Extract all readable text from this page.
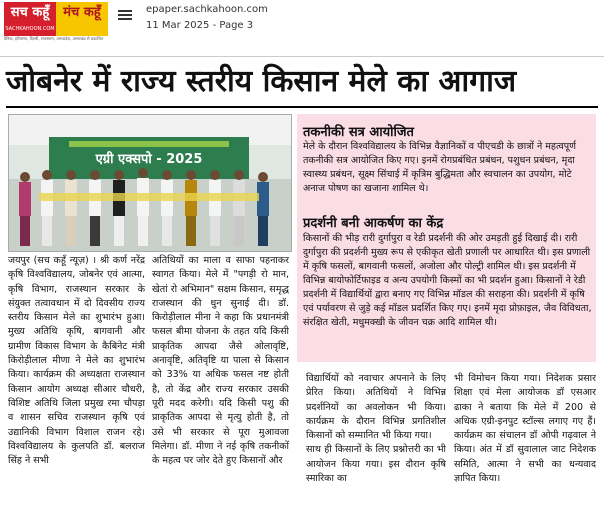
सच कहूँ	मंच कहूँ
SACHKAHOON.COM
दैनिक, हरियाणा, दिल्ली, राजस्थान, उत्तरप्रदेश, उत्तराखंड से प्रकाशित
epaper.sachkahoon.com
11 Mar 2025 - Page 3
जोबनेर में राज्य स्तरीय किसान मेले का आगाज
एग्री एक्सपो - 2025
तकनीकी सत्र आयोजित
मेले के दौरान विश्वविद्यालय के विभिन्न वैज्ञानिकों व पीएचडी के छात्रों ने महत्वपूर्ण तकनीकी सत्र आयोजित किए गए। इनमें रोगप्रबंधित प्रबंधन, पशुधन प्रबंधन, मृदा स्वास्थ्य प्रबंधन, सूक्ष्म सिंचाई में कृत्रिम बुद्धिमता और स्वचालन का उपयोग, मोटे अनाज पोषण का खजाना शामिल थे।
प्रदर्शनी बनी आकर्षण का केंद्र
किसानों की भीड़ रारी दुर्गापुरा व रेडी प्रदर्शनी की ओर उमड़ती हुई दिखाई दी। रारी दुर्गापुरा की प्रदर्शनी मुख्य रूप से एकीकृत खेती प्रणाली पर आधारित थी। इस प्रणाली में कृषि फसलों, बागवानी फसलों, अजोला और पोल्ट्री शामिल थी। इस प्रदर्शनी में विभिन्न बायोफोर्टिफाइड व अन्य उपयोगी किस्मों का भी प्रदर्शन हुआ। किसानों ने रेडी प्रदर्शनी में विद्यार्थियों द्वारा बनाए गए विभिन्न मॉडल की सराहना की। प्रदर्शनी में कृषि एवं पर्यावरण से जुड़े कई मॉडल प्रदर्शित किए गए। इनमें मृदा प्रोफ़ाइल, जैव विविधता, संरक्षित खेती, मधुमक्खी के जीवन चक्र आदि शामिल थी।
जयपुर (सच कहूँ न्यूज़) । श्री कर्ण नरेंद्र कृषि विश्वविद्यालय, जोबनेर एवं आत्मा, कृषि विभाग, राजस्थान सरकार के संयुक्त तत्वावधान में दो दिवसीय राज्य स्तरीय किसान मेले का शुभारंभ हुआ। मुख्य अतिथि कृषि, बागवानी और ग्रामीण विकास विभाग के कैबिनेट मंत्री किरोड़ीलाल मीणा ने मेले का शुभारंभ किया। कार्यक्रम की अध्यक्षता राजस्थान किसान आयोग अध्यक्ष सीआर चौधरी, विशिष्ट अतिथि जिला प्रमुख रमा चौपड़ा व शासन सचिव राजस्थान कृषि एवं उद्यानिकी विभाग विशाल राजन रहे। विश्वविद्यालय के कुलपति डॉ. बलराज सिंह ने सभी
अतिथियों का माला व साफा पहनाकर स्वागत किया। मेले में "पगड़ी रो मान, खेतां रो अभिमान" सक्षम किसान, समृद्ध राजस्थान की धुन सुनाई दी। डॉ. किरोड़ीलाल मीना ने कहा कि प्रधानमंत्री फसल बीमा योजना के तहत यदि किसी प्राकृतिक आपदा जैसे ओलावृष्टि, अनावृष्टि, अतिवृष्टि या पाला से किसान को 33% या अधिक फसल नष्ट होती है, तो केंद्र और राज्य सरकार उसकी पूरी मदद करेगी। यदि किसी पशु की प्राकृतिक आपदा से मृत्यु होती है, तो उसे भी सरकार से पूरा मुआवजा मिलेगा। डॉ. मीणा ने नई कृषि तकनीकों के महत्व पर जोर देते हुए किसानों और
विद्यार्थियों को नवाचार अपनाने के लिए प्रेरित किया। अतिथियों ने विभिन्न प्रदर्शनियों का अवलोकन भी किया। कार्यक्रम के दौरान विभिन्न प्रगतिशील किसानों को सम्मानित भी किया गया।
साथ ही किसानों के लिए प्रश्नोत्तरी का भी आयोजन किया गया। इस दौरान कृषि स्मारिका का
भी विमोचन किया गया। निदेशक प्रसार शिक्षा एवं मेला आयोजक डॉ एसआर ढाका ने बताया कि मेले में 200 से अधिक एग्री-इनपुट स्टॉल्स लगाए गए हैं। कार्यक्रम का संचालन डॉ ओपी गढ़वाल ने किया। अंत में डॉ सुवालाल जाट निदेशक समिति, आत्मा ने सभी का धन्यवाद ज्ञापित किया।
